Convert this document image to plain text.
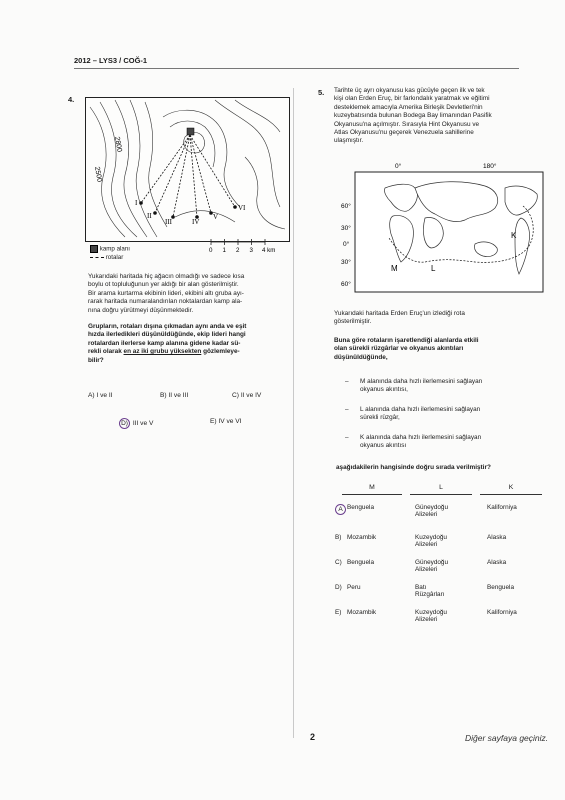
2012 – LYS3 / COĞ-1
4.
2800
2500
I
II
III	IV
V
VI
kamp alanı
rotalar
0 1 2 3 4 km
Yukarıdaki haritada hiç ağacın olmadığı ve sadece kısa
boylu ot topluluğunun yer aldığı bir alan gösterilmiştir.
Bir arama kurtarma ekibinin lideri, ekibini altı gruba ayı-
rarak haritada numaralandırılan noktalardan kamp ala-
nına doğru yürütmeyi düşünmektedir.
Grupların, rotaları dışına çıkmadan aynı anda ve eşit
hızda ilerledikleri düşünüldüğünde, ekip lideri hangi
rotalardan ilerlerse kamp alanına gidene kadar sü-
rekli olarak en az iki grubu yüksekten gözlemleye-
bilir?
A) I ve II	B) II ve III	C) II ve IV
D) III ve V	E) IV ve VI
5. Tarihte üç ayrı okyanusu kas gücüyle geçen ilk ve tek
kişi olan Erden Eruç, bir farkındalık yaratmak ve eğitimi
desteklemek amacıyla Amerika Birleşik Devletleri'nin
kuzeybatısında bulunan Bodega Bay limanından Pasifik
Okyanusu'na açılmıştır. Sırasıyla Hint Okyanusu ve
Atlas Okyanusu'nu geçerek Venezuela sahillerine
ulaşmıştır.
0°	180°
60°
30°
0°
30°
60°
M	L
K
Yukarıdaki haritada Erden Eruç'un izlediği rota
gösterilmiştir.
Buna göre rotaların işaretlendiği alanlarda etkili
olan sürekli rüzgârlar ve okyanus akıntıları
düşünüldüğünde,
– M alanında daha hızlı ilerlemesini sağlayan
okyanus akıntısı,
– L alanında daha hızlı ilerlemesini sağlayan
sürekli rüzgâr,
– K alanında daha hızlı ilerlemesini sağlayan
okyanus akıntısı
aşağıdakilerin hangisinde doğru sırada verilmiştir?
M	L	K
A	Benguela	Güneydoğu
Alizeleri	Kaliforniya
B)	Mozambik	Kuzeydoğu
Alizeleri	Alaska
C)	Benguela	Güneydoğu
Alizeleri	Alaska
D)	Peru	Batı
Rüzgârları	Benguela
E)	Mozambik	Kuzeydoğu
Alizeleri	Kaliforniya
2	Diğer sayfaya geçiniz.
